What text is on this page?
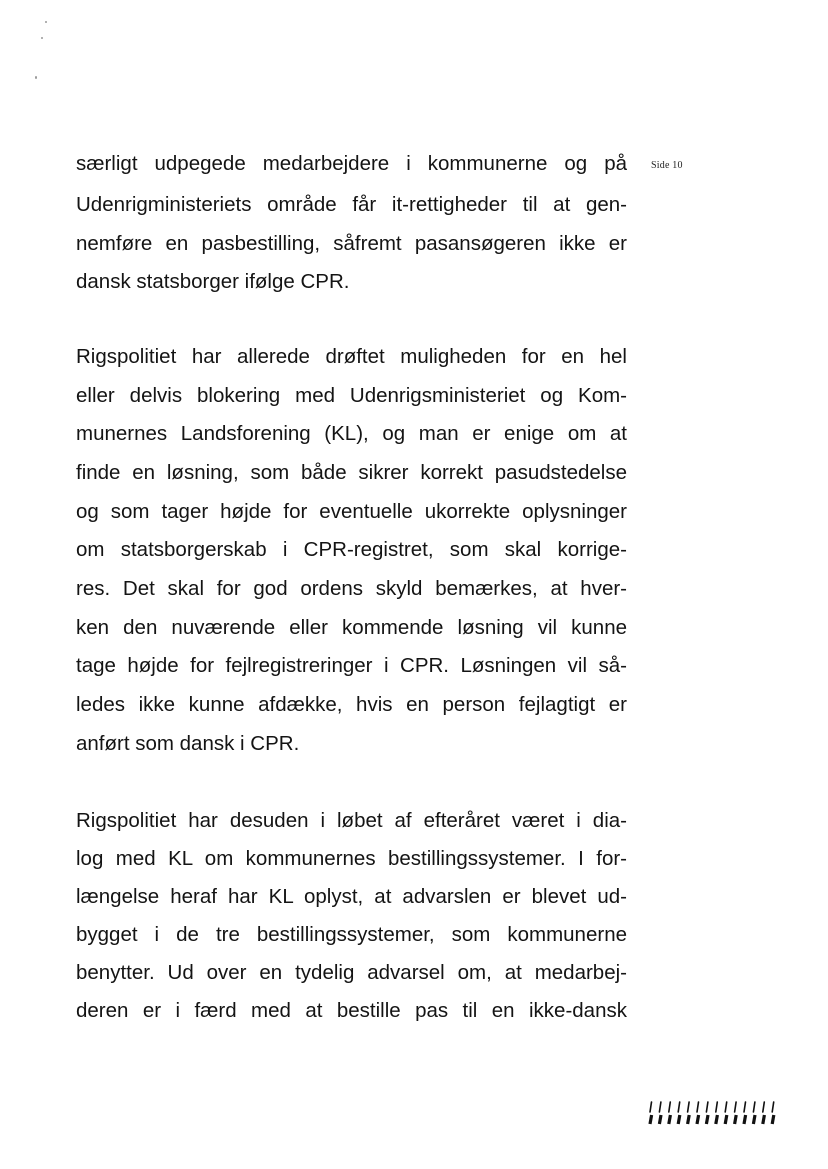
Side 10
særligt udpegede medarbejdere i kommunerne og på
Udenrigministeriets område får it-rettigheder til at gen-
nemføre en pasbestilling, såfremt pasansøgeren ikke er
dansk statsborger ifølge CPR.
Rigspolitiet har allerede drøftet muligheden for en hel
eller delvis blokering med Udenrigsministeriet og Kom-
munernes Landsforening (KL), og man er enige om at
finde en løsning, som både sikrer korrekt pasudstedelse
og som tager højde for eventuelle ukorrekte oplysninger
om statsborgerskab i CPR-registret, som skal korrige-
res. Det skal for god ordens skyld bemærkes, at hver-
ken den nuværende eller kommende løsning vil kunne
tage højde for fejlregistreringer i CPR. Løsningen vil så-
ledes ikke kunne afdække, hvis en person fejlagtigt er
anført som dansk i CPR.
Rigspolitiet har desuden i løbet af efteråret været i dia-
log med KL om kommunernes bestillingssystemer. I for-
længelse heraf har KL oplyst, at advarslen er blevet ud-
bygget i de tre bestillingssystemer, som kommunerne
benytter. Ud over en tydelig advarsel om, at medarbej-
deren er i færd med at bestille pas til en ikke-dansk
